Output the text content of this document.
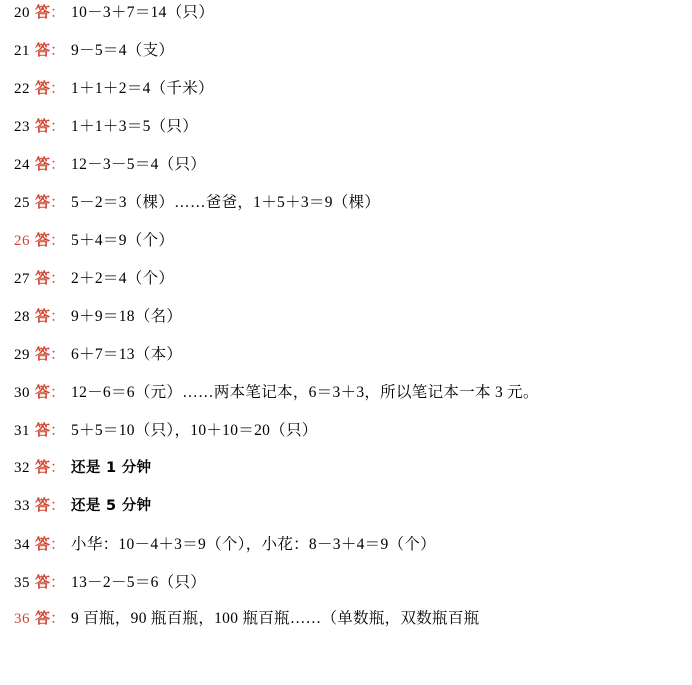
20 答 ： 10－3＋7＝14（只）
21 答 ： 9－5＝4（支）
22 答 ： 1＋1＋2＝4（千米）
23 答 ： 1＋1＋3＝5（只）
24 答 ： 12－3－5＝4（只）
25 答 ： 5－2＝3（棵）……爸爸，1＋5＋3＝9（棵）
26 答 ： 5＋4＝9（个）
27 答 ： 2＋2＝4（个）
28 答 ： 9＋9＝18（名）
29 答 ： 6＋7＝13（本）
30 答 ： 12－6＝6（元）……两本笔记本，6＝3＋3，所以笔记本一本 3 元。
31 答 ： 5＋5＝10（只），10＋10＝20（只）
32 答 ： 还是 1 分钟
33 答 ： 还是 5 分钟
34 答 ： 小华：10－4＋3＝9（个），小花：8－3＋4＝9（个）
35 答 ： 13－2－5＝6（只）
36 答 ： 9 百瓶，90 瓶百瓶，100 瓶百瓶……（单数瓶，双数瓶百瓶
